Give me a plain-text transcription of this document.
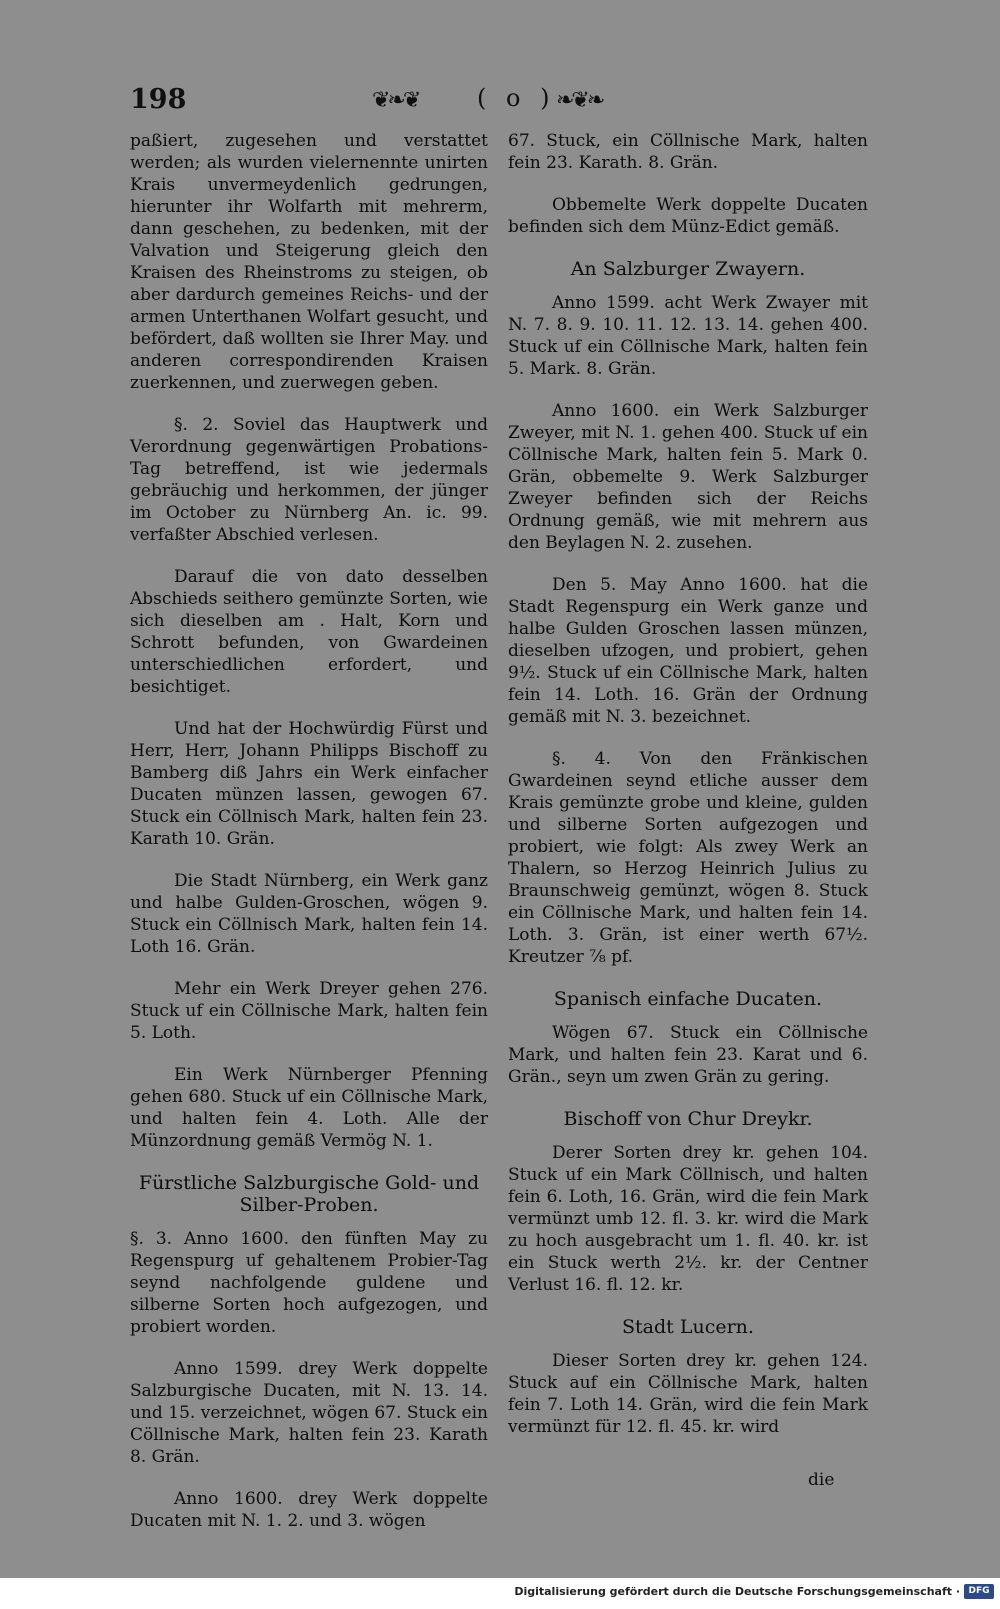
198	❦❧❦ ( o ) ❧❦❧

paßiert, zugesehen und verstattet werden; als wurden vielernennte unirten Krais unvermeydenlich gedrungen, hierunter ihr Wolfarth mit mehrerm, dann geschehen, zu bedenken, mit der Valvation und Steigerung gleich den Kraisen des Rheinstroms zu steigen, ob aber dardurch gemeines Reichs- und der armen Unterthanen Wolfart gesucht, und befördert, daß wollten sie Ihrer May. und anderen correspondirenden Kraisen zuerkennen, und zuerwegen geben.

§. 2. Soviel das Hauptwerk und Verordnung gegenwärtigen Probations-Tag betreffend, ist wie jedermals gebräuchig und herkommen, der jünger im October zu Nürnberg An. ic. 99. verfaßter Abschied verlesen.

Darauf die von dato desselben Abschieds seithero gemünzte Sorten, wie sich dieselben am . Halt, Korn und Schrott befunden, von Gwardeinen unterschiedlichen erfordert, und besichtiget.

Und hat der Hochwürdig Fürst und Herr, Herr, Johann Philipps Bischoff zu Bamberg diß Jahrs ein Werk einfacher Ducaten münzen lassen, gewogen 67. Stuck ein Cöllnisch Mark, halten fein 23. Karath 10. Grän.

Die Stadt Nürnberg, ein Werk ganz und halbe Gulden-Groschen, wögen 9. Stuck ein Cöllnisch Mark, halten fein 14. Loth 16. Grän.

Mehr ein Werk Dreyer gehen 276. Stuck uf ein Cöllnische Mark, halten fein 5. Loth.

Ein Werk Nürnberger Pfenning gehen 680. Stuck uf ein Cöllnische Mark, und halten fein 4. Loth. Alle der Münzordnung gemäß Vermög N. 1.

Fürstliche Salzburgische Gold- und Silber-Proben.

§. 3. Anno 1600. den fünften May zu Regenspurg uf gehaltenem Probier-Tag seynd nachfolgende guldene und silberne Sorten hoch aufgezogen, und probiert worden.

Anno 1599. drey Werk doppelte Salzburgische Ducaten, mit N. 13. 14. und 15. verzeichnet, wögen 67. Stuck ein Cöllnische Mark, halten fein 23. Karath 8. Grän.

Anno 1600. drey Werk doppelte Ducaten mit N. 1. 2. und 3. wögen

67. Stuck, ein Cöllnische Mark, halten fein 23. Karath. 8. Grän.

Obbemelte Werk doppelte Ducaten befinden sich dem Münz-Edict gemäß.

An Salzburger Zwayern.

Anno 1599. acht Werk Zwayer mit N. 7. 8. 9. 10. 11. 12. 13. 14. gehen 400. Stuck uf ein Cöllnische Mark, halten fein 5. Mark. 8. Grän.

Anno 1600. ein Werk Salzburger Zweyer, mit N. 1. gehen 400. Stuck uf ein Cöllnische Mark, halten fein 5. Mark 0. Grän, obbemelte 9. Werk Salzburger Zweyer befinden sich der Reichs Ordnung gemäß, wie mit mehrern aus den Beylagen N. 2. zusehen.

Den 5. May Anno 1600. hat die Stadt Regenspurg ein Werk ganze und halbe Gulden Groschen lassen münzen, dieselben ufzogen, und probiert, gehen 9½. Stuck uf ein Cöllnische Mark, halten fein 14. Loth. 16. Grän der Ordnung gemäß mit N. 3. bezeichnet.

§. 4. Von den Fränkischen Gwardeinen seynd etliche ausser dem Krais gemünzte grobe und kleine, gulden und silberne Sorten aufgezogen und probiert, wie folgt: Als zwey Werk an Thalern, so Herzog Heinrich Julius zu Braunschweig gemünzt, wögen 8. Stuck ein Cöllnische Mark, und halten fein 14. Loth. 3. Grän, ist einer werth 67½. Kreutzer ⅞ pf.

Spanisch einfache Ducaten.

Wögen 67. Stuck ein Cöllnische Mark, und halten fein 23. Karat und 6. Grän., seyn um zwen Grän zu gering.

Bischoff von Chur Dreykr.

Derer Sorten drey kr. gehen 104. Stuck uf ein Mark Cöllnisch, und halten fein 6. Loth, 16. Grän, wird die fein Mark vermünzt umb 12. fl. 3. kr. wird die Mark zu hoch ausgebracht um 1. fl. 40. kr. ist ein Stuck werth 2½. kr. der Centner Verlust 16. fl. 12. kr.

Stadt Lucern.

Dieser Sorten drey kr. gehen 124. Stuck auf ein Cöllnische Mark, halten fein 7. Loth 14. Grän, wird die fein Mark vermünzt für 12. fl. 45. kr. wird

die
Digitalisierung gefördert durch die Deutsche Forschungsgemeinschaft · DFG
